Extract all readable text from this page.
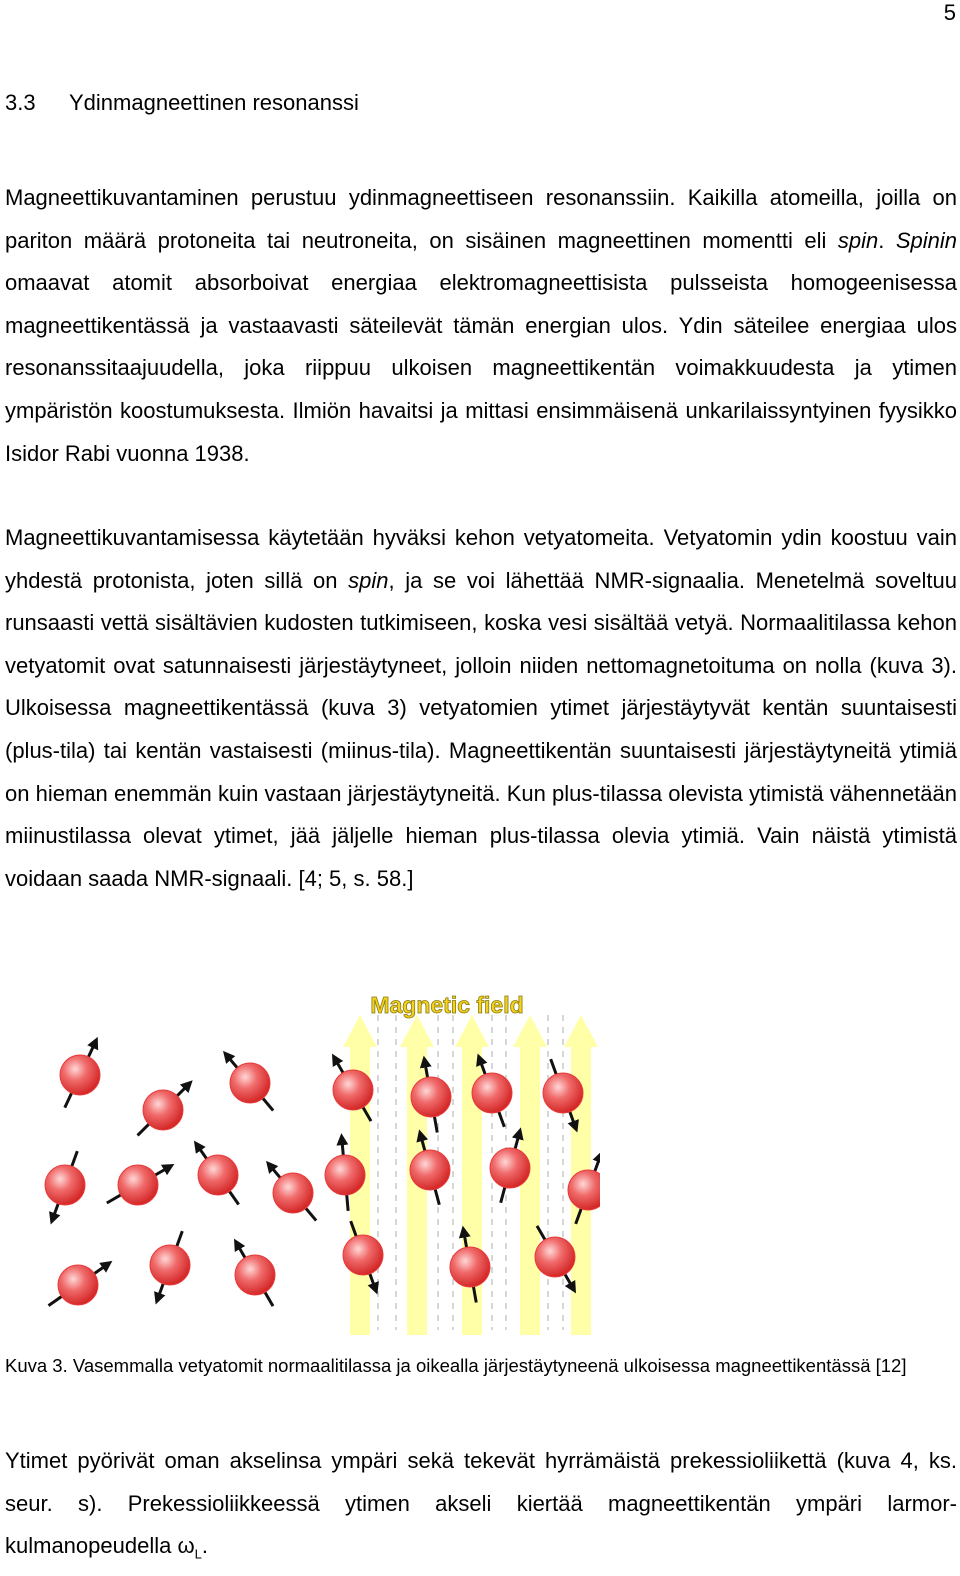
5
3.3 Ydinmagneettinen resonanssi

Magneettikuvantaminen perustuu ydinmagneettiseen resonanssiin. Kaikilla atomeilla, joilla on pariton määrä protoneita tai neutroneita, on sisäinen magneettinen momentti eli spin. Spinin omaavat atomit absorboivat energiaa elektromagneettisista pulsseista homogeenisessa magneettikentässä ja vastaavasti säteilevät tämän energian ulos. Ydin säteilee energiaa ulos resonanssitaajuudella, joka riippuu ulkoisen magneettikentän voimakkuudesta ja ytimen ympäristön koostumuksesta. Ilmiön havaitsi ja mittasi ensimmäisenä unkarilaissyntyinen fyysikko Isidor Rabi vuonna 1938.

Magneettikuvantamisessa käytetään hyväksi kehon vetyatomeita. Vetyatomin ydin koostuu vain yhdestä protonista, joten sillä on spin, ja se voi lähettää NMR-signaalia. Menetelmä soveltuu runsaasti vettä sisältävien kudosten tutkimiseen, koska vesi sisältää vetyä. Normaalitilassa kehon vetyatomit ovat satunnaisesti järjestäytyneet, jolloin niiden nettomagnetoituma on nolla (kuva 3). Ulkoisessa magneettikentässä (kuva 3) vetyatomien ytimet järjestäytyvät kentän suuntaisesti (plus-tila) tai kentän vastaisesti (miinus-tila). Magneettikentän suuntaisesti järjestäytyneitä ytimiä on hieman enemmän kuin vastaan järjestäytyneitä. Kun plus-tilassa olevista ytimistä vähennetään miinustilassa olevat ytimet, jää jäljelle hieman plus-tilassa olevia ytimiä. Vain näistä ytimistä voidaan saada NMR-signaali. [4; 5, s. 58.]

Magnetic field

Kuva 3. Vasemmalla vetyatomit normaalitilassa ja oikealla järjestäytyneenä ulkoisessa magneettikentässä [12]

Ytimet pyörivät oman akselinsa ympäri sekä tekevät hyrrämäistä prekessioliikettä (kuva 4, ks. seur. s). Prekessioliikkeessä ytimen akseli kiertää magneettikentän ympäri larmor-kulmanopeudella $\omega_L$.
